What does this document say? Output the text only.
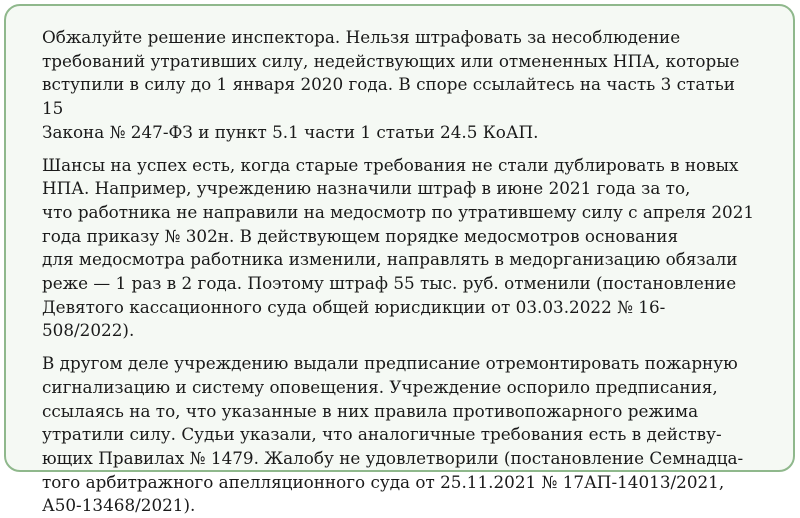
Обжалуйте решение инспектора. Нельзя штрафовать за несоблюдение
требований утративших силу, недействующих или отмененных НПА, которые
вступили в силу до 1 января 2020 года. В споре ссылайтесь на часть 3 статьи 15
Закона № 247-ФЗ и пункт 5.1 части 1 статьи 24.5 КоАП.

Шансы на успех есть, когда старые требования не стали дублировать в новых
НПА. Например, учреждению назначили штраф в июне 2021 года за то,
что работника не направили на медосмотр по утратившему силу с апреля 2021
года приказу № 302н. В действующем порядке медосмотров основания
для медосмотра работника изменили, направлять в медорганизацию обязали
реже — 1 раз в 2 года. Поэтому штраф 55 тыс. руб. отменили (постановление
Девятого кассационного суда общей юрисдикции от 03.03.2022 № 16-508/2022).

В другом деле учреждению выдали предписание отремонтировать пожарную
сигнализацию и систему оповещения. Учреждение оспорило предписания,
ссылаясь на то, что указанные в них правила противопожарного режима
утратили силу. Судьи указали, что аналогичные требования есть в действу-
ющих Правилах № 1479. Жалобу не удовлетворили (постановление Семнадца-
того арбитражного апелляционного суда от 25.11.2021 № 17АП-14013/2021,
А50-13468/2021).
